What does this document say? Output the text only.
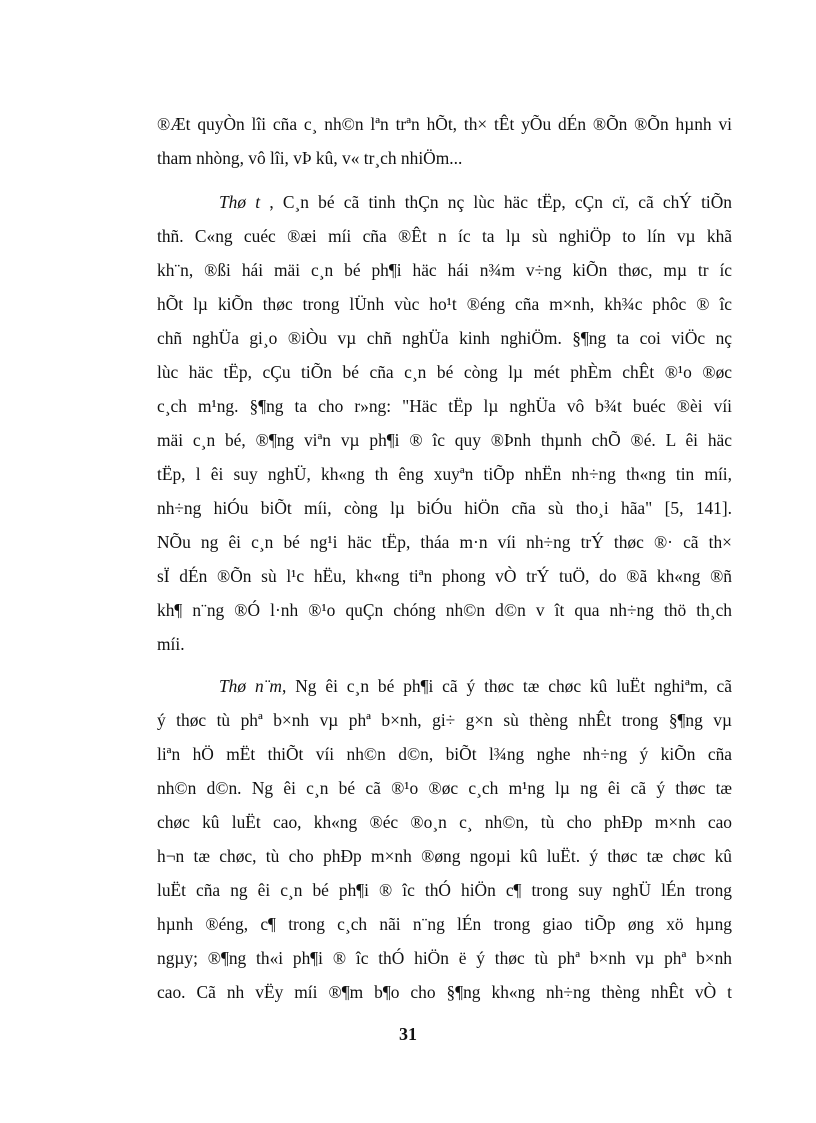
®Æt quyÒn lîi cña c¸ nh©n lªn trªn hÕt, th× tÊt yÕu dÉn ®Õn ®Õn hµnh vi
tham nhòng, vô lîi, vÞ kû, v« tr¸ch nhiÖm...
Thø t , C¸n bé cã tinh thÇn nç lùc häc tËp, cÇn cï, cã chÝ tiÕn
thñ. C«ng cuéc ®æi míi cña ®Êt n íc ta lµ sù nghiÖp to lín vµ khã
kh¨n, ®ßi hái mäi c¸n bé ph¶i häc hái n¾m v÷ng kiÕn thøc, mµ tr íc
hÕt lµ kiÕn thøc trong lÜnh vùc ho¹t ®éng cña m×nh, kh¾c phôc ® îc
chñ nghÜa gi¸o ®iÒu vµ chñ nghÜa kinh nghiÖm. §¶ng ta coi viÖc nç
lùc häc tËp, cÇu tiÕn bé cña c¸n bé còng lµ mét phÈm chÊt ®¹o ®øc
c¸ch m¹ng. §¶ng ta cho r»ng: "Häc tËp lµ nghÜa vô b¾t buéc ®èi víi
mäi c¸n bé, ®¶ng viªn vµ ph¶i ® îc quy ®Þnh thµnh chÕ ®é. L êi häc
tËp, l êi suy nghÜ, kh«ng th êng xuyªn tiÕp nhËn nh÷ng th«ng tin míi,
nh÷ng hiÓu biÕt míi, còng lµ biÓu hiÖn cña sù tho¸i hãa" [5, 141].
NÕu ng êi c¸n bé ng¹i häc tËp, tháa m·n víi nh÷ng trÝ thøc ®· cã th×
sÏ dÉn ®Õn sù l¹c hËu, kh«ng tiªn phong vÒ trÝ tuÖ, do ®ã kh«ng ®ñ
kh¶ n¨ng ®Ó l·nh ®¹o quÇn chóng nh©n d©n v ît qua nh÷ng thö th¸ch
míi.
Thø n¨m, Ng êi c¸n bé ph¶i cã ý thøc tæ chøc kû luËt nghiªm, cã
ý thøc tù phª b×nh vµ phª b×nh, gi÷ g×n sù thèng nhÊt trong §¶ng vµ
liªn hÖ mËt thiÕt víi nh©n d©n, biÕt l¾ng nghe nh÷ng ý kiÕn cña
nh©n d©n. Ng êi c¸n bé cã ®¹o ®øc c¸ch m¹ng lµ ng êi cã ý thøc tæ
chøc kû luËt cao, kh«ng ®éc ®o¸n c¸ nh©n, tù cho phÐp m×nh cao
h¬n tæ chøc, tù cho phÐp m×nh ®øng ngoµi kû luËt. ý thøc tæ chøc kû
luËt cña ng êi c¸n bé ph¶i ® îc thÓ hiÖn c¶ trong suy nghÜ lÉn trong
hµnh ®éng, c¶ trong c¸ch nãi n¨ng lÉn trong giao tiÕp øng xö hµng
ngµy; ®¶ng th«i ph¶i ® îc thÓ hiÖn ë ý thøc tù phª b×nh vµ phª b×nh
cao. Cã nh vËy míi ®¶m b¶o cho §¶ng kh«ng nh÷ng thèng nhÊt vÒ t
31
